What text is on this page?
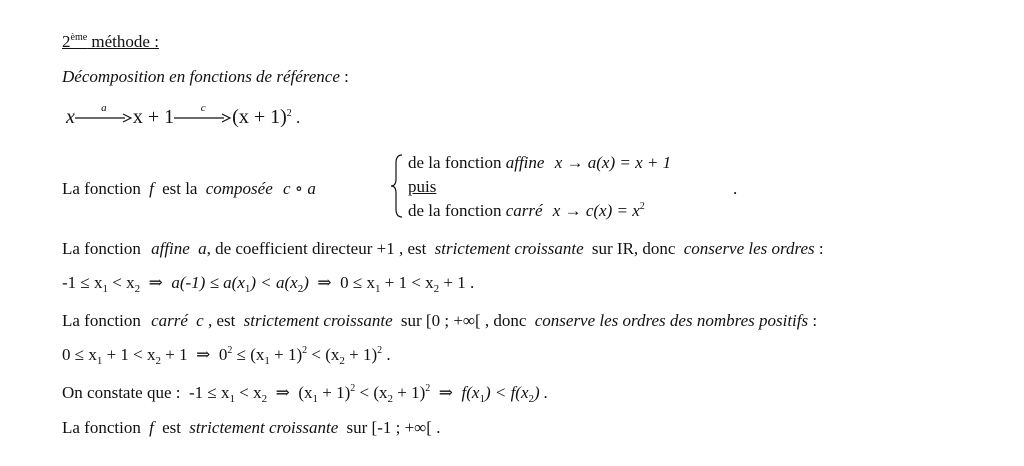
2ème méthode :
Décomposition en fonctions de référence :
x	a	x + 1	c	$(x + 1)^2$ .
La fonction f est la composée c ∘ a
de la fonction affine x → a(x) = x + 1
puis
de la fonction carré $x \to c(x) = x^2$
.
La fonction affine a, de coefficient directeur +1 , est strictement croissante sur IR, donc conserve les ordres :
$-1 \le x_1 < x_2$  ⇒  $a(-1) \le a(x_1) < a(x_2)$  ⇒  $0 \le x_1 + 1 < x_2 + 1$ .
La fonction carré c , est strictement croissante sur [0 ; +∞[ , donc conserve les ordres des nombres positifs :
$0 \le x_1 + 1 < x_2 + 1$  ⇒  $0^2 \le (x_1 + 1)^2 < (x_2 + 1)^2$ .
On constate que :  $-1 \le x_1 < x_2$  ⇒  $(x_1 + 1)^2 < (x_2 + 1)^2$  ⇒  $f(x_1) < f(x_2)$ .
La fonction f est strictement croissante sur [-1 ; +∞[ .
